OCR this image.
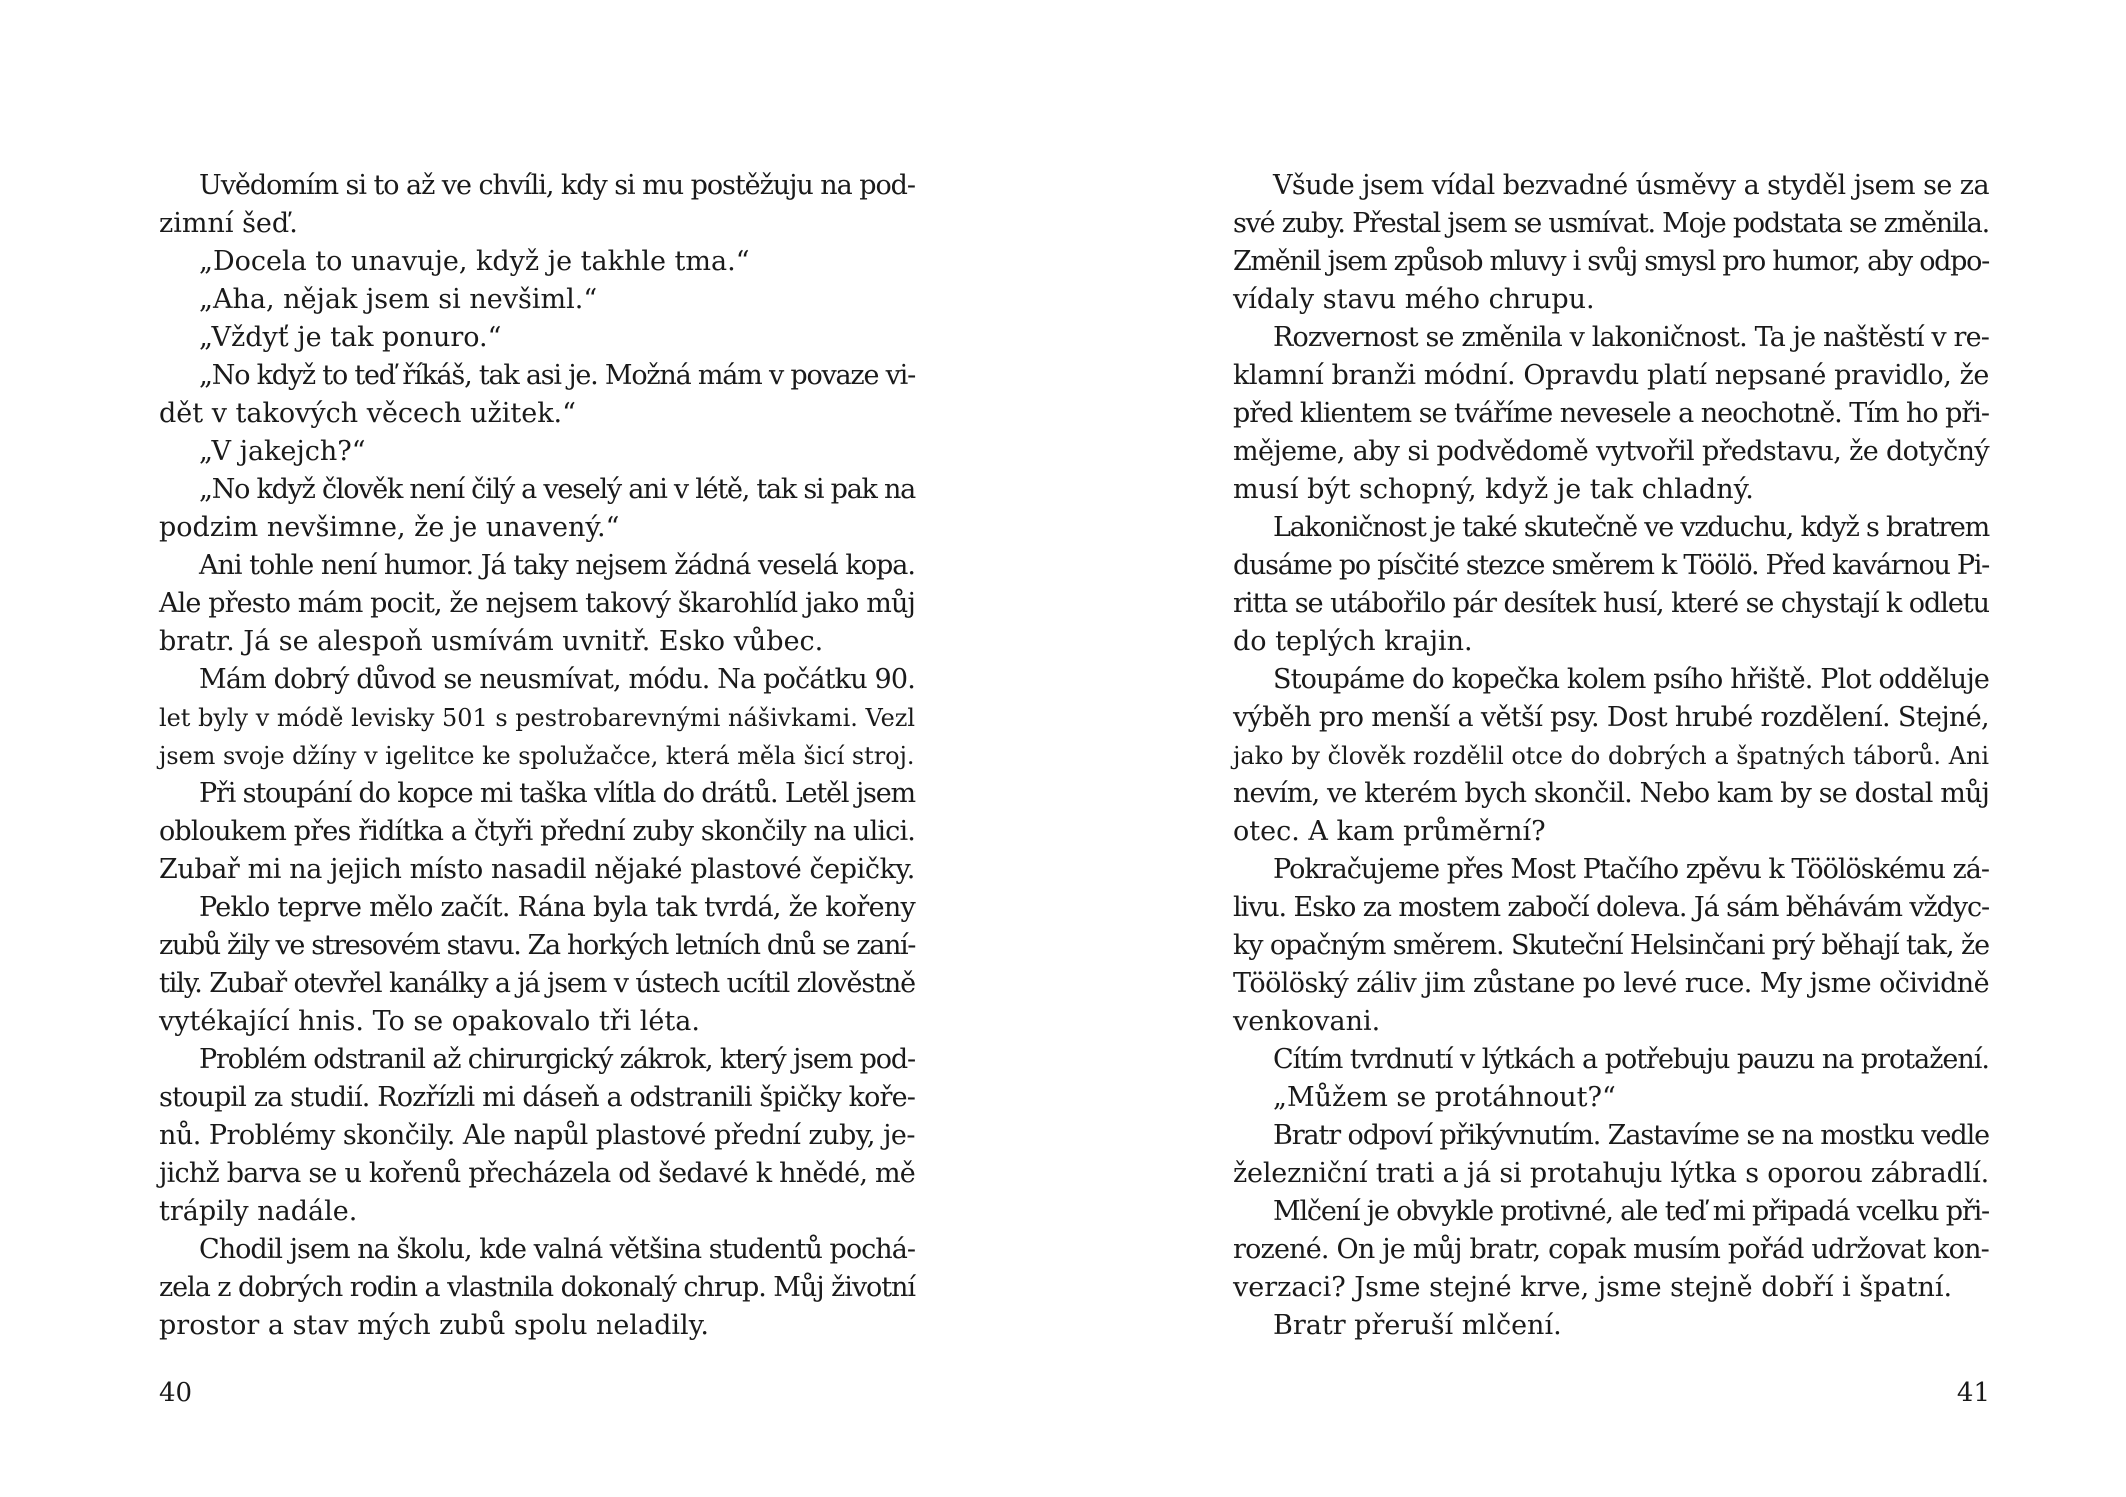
Uvědomím si to až ve chvíli, kdy si mu postěžuju na pod-
zimní šeď.
„Docela to unavuje, když je takhle tma.“
„Aha, nějak jsem si nevšiml.“
„Vždyť je tak ponuro.“
„No když to teď říkáš, tak asi je. Možná mám v povaze vi-
dět v takových věcech užitek.“
„V jakejch?“
„No když člověk není čilý a veselý ani v létě, tak si pak na
podzim nevšimne, že je unavený.“
Ani tohle není humor. Já taky nejsem žádná veselá kopa.
Ale přesto mám pocit, že nejsem takový škarohlíd jako můj
bratr. Já se alespoň usmívám uvnitř. Esko vůbec.
Mám dobrý důvod se neusmívat, módu. Na počátku 90.
let byly v módě levisky 501 s pestrobarevnými nášivkami. Vezl
jsem svoje džíny v igelitce ke spolužačce, která měla šicí stroj.
Při stoupání do kopce mi taška vlítla do drátů. Letěl jsem
obloukem přes řidítka a čtyři přední zuby skončily na ulici.
Zubař mi na jejich místo nasadil nějaké plastové čepičky.
Peklo teprve mělo začít. Rána byla tak tvrdá, že kořeny
zubů žily ve stresovém stavu. Za horkých letních dnů se zaní-
tily. Zubař otevřel kanálky a já jsem v ústech ucítil zlověstně
vytékající hnis. To se opakovalo tři léta.
Problém odstranil až chirurgický zákrok, který jsem pod-
stoupil za studií. Rozřízli mi dáseň a odstranili špičky koře-
nů. Problémy skončily. Ale napůl plastové přední zuby, je-
jichž barva se u kořenů přecházela od šedavé k hnědé, mě
trápily nadále.
Chodil jsem na školu, kde valná většina studentů pochá-
zela z dobrých rodin a vlastnila dokonalý chrup. Můj životní
prostor a stav mých zubů spolu neladily.
40
Všude jsem vídal bezvadné úsměvy a styděl jsem se za
své zuby. Přestal jsem se usmívat. Moje podstata se změnila.
Změnil jsem způsob mluvy i svůj smysl pro humor, aby odpo-
vídaly stavu mého chrupu.
Rozvernost se změnila v lakoničnost. Ta je naštěstí v re-
klamní branži módní. Opravdu platí nepsané pravidlo, že
před klientem se tváříme nevesele a neochotně. Tím ho při-
mějeme, aby si podvědomě vytvořil představu, že dotyčný
musí být schopný, když je tak chladný.
Lakoničnost je také skutečně ve vzduchu, když s bratrem
dusáme po písčité stezce směrem k Töölö. Před kavárnou Pi-
ritta se utábořilo pár desítek husí, které se chystají k odletu
do teplých krajin.
Stoupáme do kopečka kolem psího hřiště. Plot odděluje
výběh pro menší a větší psy. Dost hrubé rozdělení. Stejné,
jako by člověk rozdělil otce do dobrých a špatných táborů. Ani
nevím, ve kterém bych skončil. Nebo kam by se dostal můj
otec. A kam průměrní?
Pokračujeme přes Most Ptačího zpěvu k Töölöskému zá-
livu. Esko za mostem zabočí doleva. Já sám běhávám vždyc-
ky opačným směrem. Skuteční Helsinčani prý běhají tak, že
Töölöský záliv jim zůstane po levé ruce. My jsme očividně
venkovani.
Cítím tvrdnutí v lýtkách a potřebuju pauzu na protažení.
„Můžem se protáhnout?“
Bratr odpoví přikývnutím. Zastavíme se na mostku vedle
železniční trati a já si protahuju lýtka s oporou zábradlí.
Mlčení je obvykle protivné, ale teď mi připadá vcelku při-
rozené. On je můj bratr, copak musím pořád udržovat kon-
verzaci? Jsme stejné krve, jsme stejně dobří i špatní.
Bratr přeruší mlčení.
41
